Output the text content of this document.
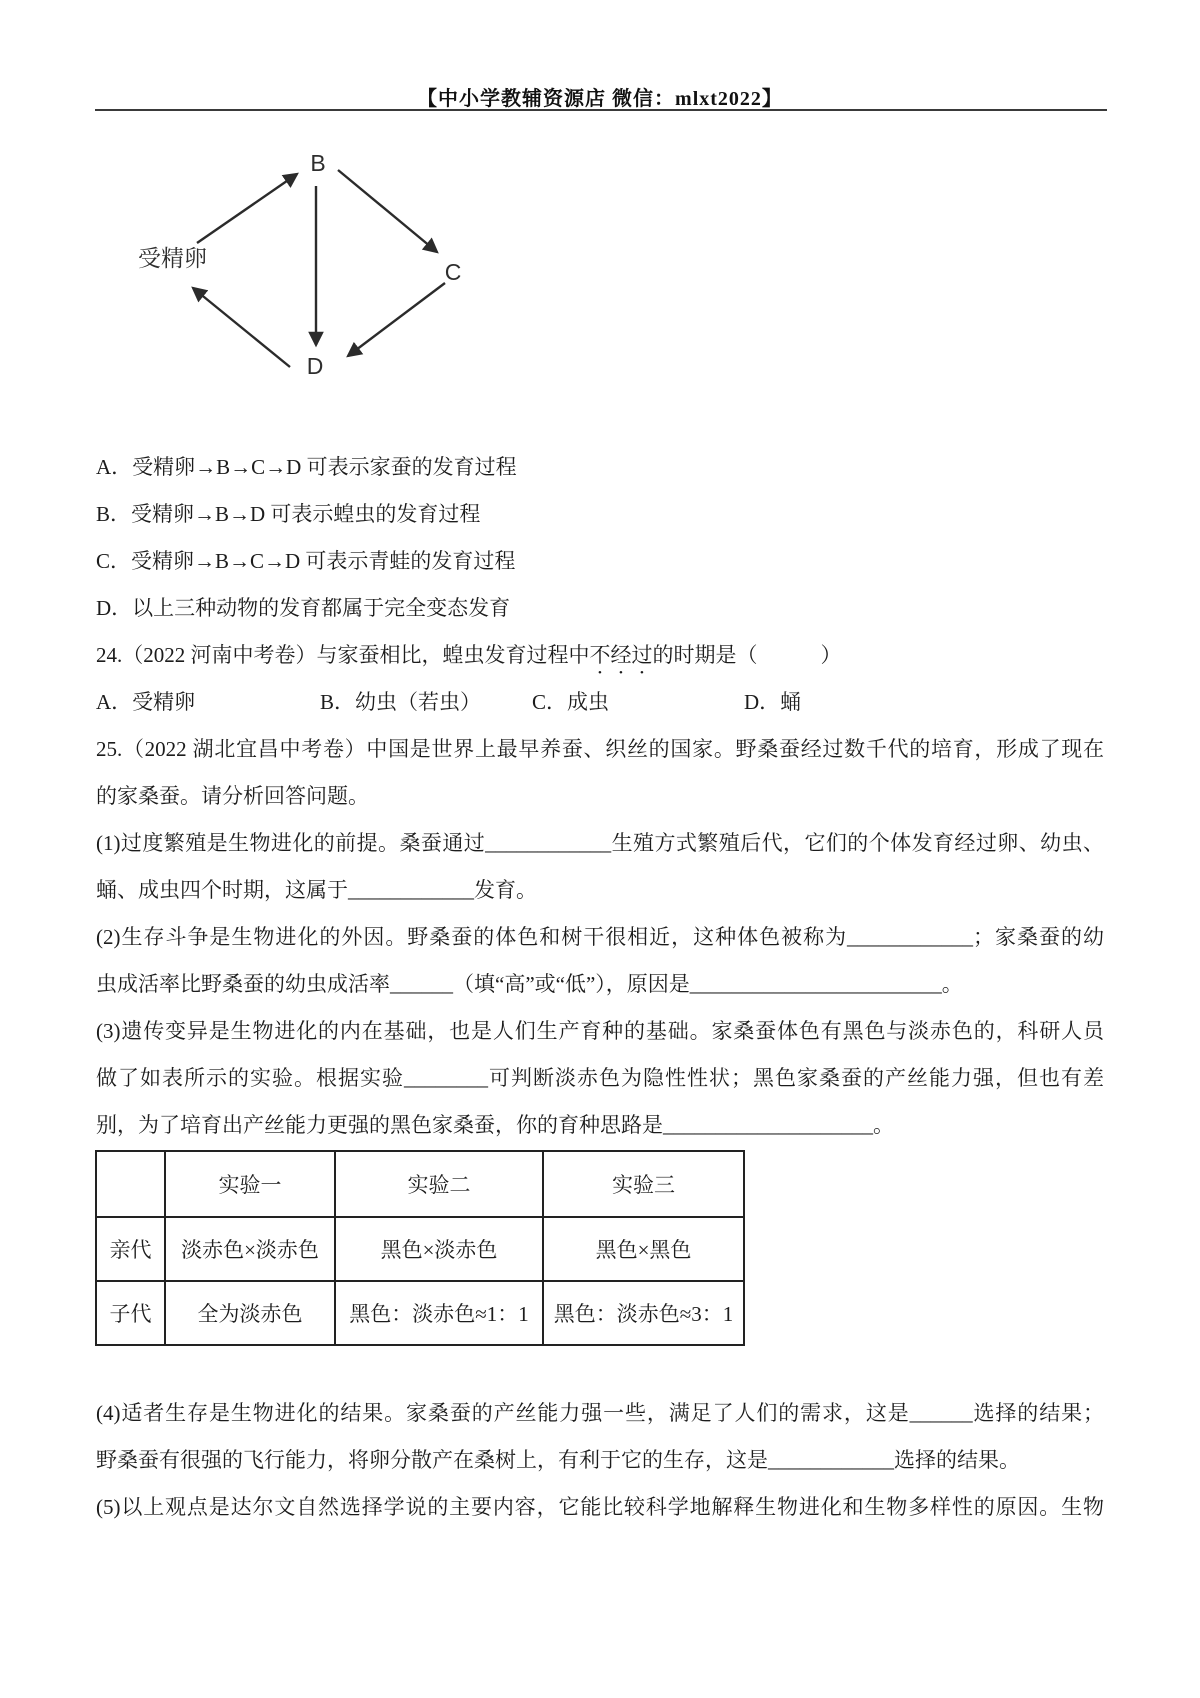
【中小学教辅资源店 微信：mlxt2022】
受精卵
B
C
D
A．受精卵→B→C→D 可表示家蚕的发育过程
B．受精卵→B→D 可表示蝗虫的发育过程
C．受精卵→B→C→D 可表示青蛙的发育过程
D．以上三种动物的发育都属于完全变态发育
24.（2022 河南中考卷）与家蚕相比，蝗虫发育过程中不经过的时期是（　　　）
A．受精卵	B．幼虫（若虫） C．成虫	D．蛹
25.（2022 湖北宜昌中考卷）中国是世界上最早养蚕、织丝的国家。野桑蚕经过数千代的培育，形成了现在
的家桑蚕。请分析回答问题。
(1)过度繁殖是生物进化的前提。桑蚕通过____________生殖方式繁殖后代，它们的个体发育经过卵、幼虫、
蛹、成虫四个时期，这属于____________发育。
(2)生存斗争是生物进化的外因。野桑蚕的体色和树干很相近，这种体色被称为____________；家桑蚕的幼
虫成活率比野桑蚕的幼虫成活率______（填“高”或“低”），原因是________________________。
(3)遗传变异是生物进化的内在基础，也是人们生产育种的基础。家桑蚕体色有黑色与淡赤色的，科研人员
做了如表所示的实验。根据实验________可判断淡赤色为隐性性状；黑色家桑蚕的产丝能力强，但也有差
别，为了培育出产丝能力更强的黑色家桑蚕，你的育种思路是____________________。
	实验一	实验二	实验三
亲代	淡赤色×淡赤色	黑色×淡赤色	黑色×黑色
子代	全为淡赤色	黑色：淡赤色≈1：1	黑色：淡赤色≈3：1
(4)适者生存是生物进化的结果。家桑蚕的产丝能力强一些，满足了人们的需求，这是______选择的结果；
野桑蚕有很强的飞行能力，将卵分散产在桑树上，有利于它的生存，这是____________选择的结果。
(5)以上观点是达尔文自然选择学说的主要内容，它能比较科学地解释生物进化和生物多样性的原因。生物
